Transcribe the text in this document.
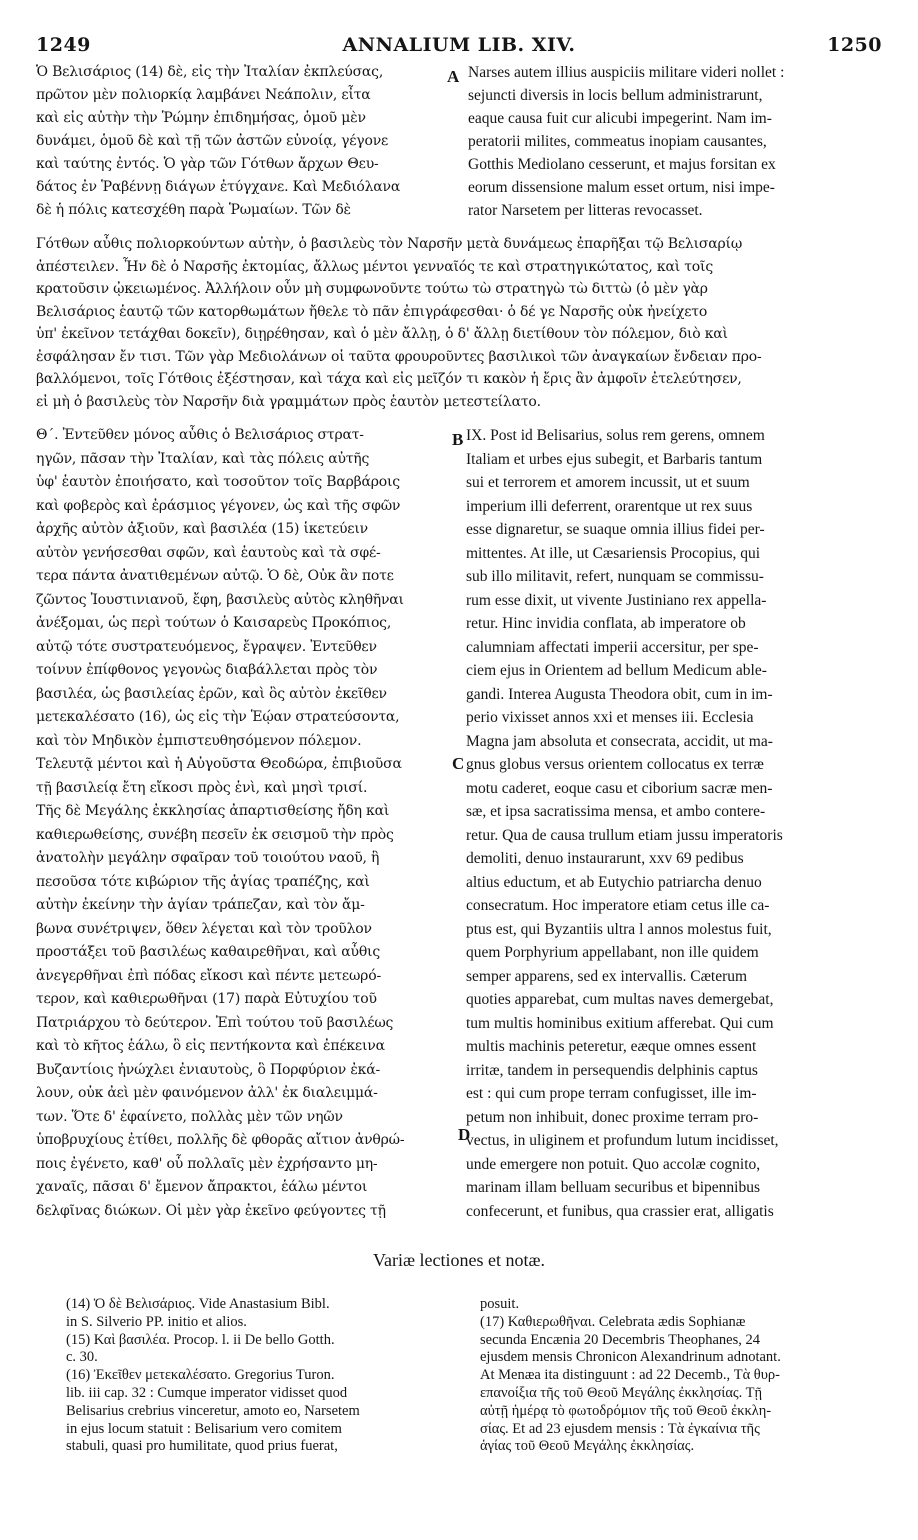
ANNALIUM LIB. XIV.
1249	1250
Ὁ Βελισάριος (14) δὲ, εἰς τὴν Ἰταλίαν ἐκπλεύσας,
πρῶτον μὲν πολιορκίᾳ λαμβάνει Νεάπολιν, εἶτα
καὶ εἰς αὐτὴν τὴν Ῥώμην ἐπιδημήσας, ὁμοῦ μὲν
δυνάμει, ὁμοῦ δὲ καὶ τῇ τῶν ἀστῶν εὐνοίᾳ, γέγονε
καὶ ταύτης ἐντός. Ὁ γὰρ τῶν Γότθων ἄρχων Θευ-
δάτος ἐν Ῥαβέννῃ διάγων ἐτύγχανε. Καὶ Μεδιόλανα
δὲ ἡ πόλις κατεσχέθη παρὰ Ῥωμαίων. Τῶν δὲ
Narses autem illius auspiciis militare videri nollet :
sejuncti diversis in locis bellum administrarunt,
eaque causa fuit cur alicubi impegerint. Nam im-
peratorii milites, commeatus inopiam causantes,
Gotthis Mediolano cesserunt, et majus forsitan ex
eorum dissensione malum esset ortum, nisi impe-
rator Narsetem per litteras revocasset.
Γότθων αὖθις πολιορκούντων αὐτὴν, ὁ βασιλεὺς τὸν Ναρσῆν μετὰ δυνάμεως ἐπαρῆξαι τῷ Βελισαρίῳ
ἀπέστειλεν. Ἦν δὲ ὁ Ναρσῆς ἐκτομίας, ἄλλως μέντοι γενναῖός τε καὶ στρατηγικώτατος, καὶ τοῖς
κρατοῦσιν ᾠκειωμένος. Ἀλλήλοιν οὖν μὴ συμφωνοῦντε τούτω τὼ στρατηγὼ τὼ διττὼ (ὁ μὲν γὰρ
Βελισάριος ἑαυτῷ τῶν κατορθωμάτων ἤθελε τὸ πᾶν ἐπιγράφεσθαι· ὁ δέ γε Ναρσῆς οὐκ ἠνείχετο
ὑπ' ἐκεῖνον τετάχθαι δοκεῖν), διῃρέθησαν, καὶ ὁ μὲν ἄλλῃ, ὁ δ' ἄλλῃ διετίθουν τὸν πόλεμον, διὸ καὶ
ἐσφάλησαν ἔν τισι. Τῶν γὰρ Μεδιολάνων οἱ ταῦτα φρουροῦντες βασιλικοὶ τῶν ἀναγκαίων ἔνδειαν προ-
βαλλόμενοι, τοῖς Γότθοις ἐξέστησαν, καὶ τάχα καὶ εἰς μεῖζόν τι κακὸν ἡ ἔρις ἂν ἀμφοῖν ἐτελεύτησεν,
εἰ μὴ ὁ βασιλεὺς τὸν Ναρσῆν διὰ γραμμάτων πρὸς ἑαυτὸν μετεστείλατο.
Θ΄. Ἐντεῦθεν μόνος αὖθις ὁ Βελισάριος στρατ-
ηγῶν, πᾶσαν τὴν Ἰταλίαν, καὶ τὰς πόλεις αὐτῆς
ὑφ' ἑαυτὸν ἐποιήσατο, καὶ τοσοῦτον τοῖς Βαρβάροις
καὶ φοβερὸς καὶ ἐράσμιος γέγονεν, ὡς καὶ τῆς σφῶν
ἀρχῆς αὐτὸν ἀξιοῦν, καὶ βασιλέα (15) ἱκετεύειν
αὐτὸν γενήσεσθαι σφῶν, καὶ ἑαυτοὺς καὶ τὰ σφέ-
τερα πάντα ἀνατιθεμένων αὐτῷ. Ὁ δὲ, Οὐκ ἂν ποτε
ζῶντος Ἰουστινιανοῦ, ἔφη, βασιλεὺς αὐτὸς κληθῆναι
ἀνέξομαι, ὡς περὶ τούτων ὁ Καισαρεὺς Προκόπιος,
αὐτῷ τότε συστρατευόμενος, ἔγραψεν. Ἐντεῦθεν
τοίνυν ἐπίφθονος γεγονὼς διαβάλλεται πρὸς τὸν
βασιλέα, ὡς βασιλείας ἐρῶν, καὶ ὃς αὐτὸν ἐκεῖθεν
μετεκαλέσατο (16), ὡς εἰς τὴν Ἑῴαν στρατεύσοντα,
καὶ τὸν Μηδικὸν ἐμπιστευθησόμενον πόλεμον.
Τελευτᾷ μέντοι καὶ ἡ Αὐγοῦστα Θεοδώρα, ἐπιβιοῦσα
τῇ βασιλείᾳ ἔτη εἴκοσι πρὸς ἑνὶ, καὶ μησὶ τρισί.
Τῆς δὲ Μεγάλης ἐκκλησίας ἀπαρτισθείσης ἤδη καὶ
καθιερωθείσης, συνέβη πεσεῖν ἐκ σεισμοῦ τὴν πρὸς
ἀνατολὴν μεγάλην σφαῖραν τοῦ τοιούτου ναοῦ, ἣ
πεσοῦσα τότε κιβώριον τῆς ἁγίας τραπέζης, καὶ
αὐτὴν ἐκείνην τὴν ἁγίαν τράπεζαν, καὶ τὸν ἄμ-
βωνα συνέτριψεν, ὅθεν λέγεται καὶ τὸν τροῦλον
προστάξει τοῦ βασιλέως καθαιρεθῆναι, καὶ αὖθις
ἀνεγερθῆναι ἐπὶ πόδας εἴκοσι καὶ πέντε μετεωρό-
τερον, καὶ καθιερωθῆναι (17) παρὰ Εὐτυχίου τοῦ
Πατριάρχου τὸ δεύτερον. Ἐπὶ τούτου τοῦ βασιλέως
καὶ τὸ κῆτος ἑάλω, ὃ εἰς πεντήκοντα καὶ ἐπέκεινα
Βυζαντίοις ἠνώχλει ἐνιαυτοὺς, ὃ Πορφύριον ἐκά-
λουν, οὐκ ἀεὶ μὲν φαινόμενον ἀλλ' ἐκ διαλειμμά-
των. Ὅτε δ' ἐφαίνετο, πολλὰς μὲν τῶν νηῶν
ὑποβρυχίους ἐτίθει, πολλῆς δὲ φθορᾶς αἴτιον ἀνθρώ-
ποις ἐγένετο, καθ' οὗ πολλαῖς μὲν ἐχρήσαντο μη-
χαναῖς, πᾶσαι δ' ἔμενον ἄπρακτοι, ἑάλω μέντοι
δελφῖνας διώκων. Οἱ μὲν γὰρ ἐκεῖνο φεύγοντες τῇ
IX. Post id Belisarius, solus rem gerens, omnem
Italiam et urbes ejus subegit, et Barbaris tantum
sui et terrorem et amorem incussit, ut et suum
imperium illi deferrent, orarentque ut rex suus
esse dignaretur, se suaque omnia illius fidei per-
mittentes. At ille, ut Cæsariensis Procopius, qui
sub illo militavit, refert, nunquam se commissu-
rum esse dixit, ut vivente Justiniano rex appella-
retur. Hinc invidia conflata, ab imperatore ob
calumniam affectati imperii accersitur, per spe-
ciem ejus in Orientem ad bellum Medicum able-
gandi. Interea Augusta Theodora obit, cum in im-
perio vixisset annos xxi et menses iii. Ecclesia
Magna jam absoluta et consecrata, accidit, ut ma-
gnus globus versus orientem collocatus ex terræ
motu caderet, eoque casu et ciborium sacræ men-
sæ, et ipsa sacratissima mensa, et ambo contere-
retur. Qua de causa trullum etiam jussu imperatoris
demoliti, denuo instaurarunt, xxv 69 pedibus
altius eductum, et ab Eutychio patriarcha denuo
consecratum. Hoc imperatore etiam cetus ille ca-
ptus est, qui Byzantiis ultra l annos molestus fuit,
quem Porphyrium appellabant, non ille quidem
semper apparens, sed ex intervallis. Cæterum
quoties apparebat, cum multas naves demergebat,
tum multis hominibus exitium afferebat. Qui cum
multis machinis peteretur, eæque omnes essent
irritæ, tandem in persequendis delphinis captus
est : qui cum prope terram confugisset, ille im-
petum non inhibuit, donec proxime terram pro-
vectus, in uliginem et profundum lutum incidisset,
unde emergere non potuit. Quo accolæ cognito,
marinam illam belluam securibus et bipennibus
confecerunt, et funibus, qua crassier erat, alligatis
A
B
C
D
Variæ lectiones et notæ.
(14) Ὁ δὲ Βελισάριος. Vide Anastasium Bibl.
in S. Silverio PP. initio et alios.
(15) Καὶ βασιλέα. Procop. l. ii De bello Gotth.
c. 30.
(16) Ἐκεῖθεν μετεκαλέσατο. Gregorius Turon.
lib. iii cap. 32 : Cumque imperator vidisset quod
Belisarius crebrius vinceretur, amoto eo, Narsetem
in ejus locum statuit : Belisarium vero comitem
stabuli, quasi pro humilitate, quod prius fuerat,
posuit.
(17) Καθιερωθῆναι. Celebrata ædis Sophianæ
secunda Encænia 20 Decembris Theophanes, 24
ejusdem mensis Chronicon Alexandrinum adnotant.
At Menæa ita distinguunt : ad 22 Decemb., Τὰ θυρ-
επανοίξια τῆς τοῦ Θεοῦ Μεγάλης ἐκκλησίας. Τῇ
αὐτῇ ἡμέρᾳ τὸ φωτοδρόμιον τῆς τοῦ Θεοῦ ἐκκλη-
σίας. Et ad 23 ejusdem mensis : Τὰ ἐγκαίνια τῆς
ἁγίας τοῦ Θεοῦ Μεγάλης ἐκκλησίας.
